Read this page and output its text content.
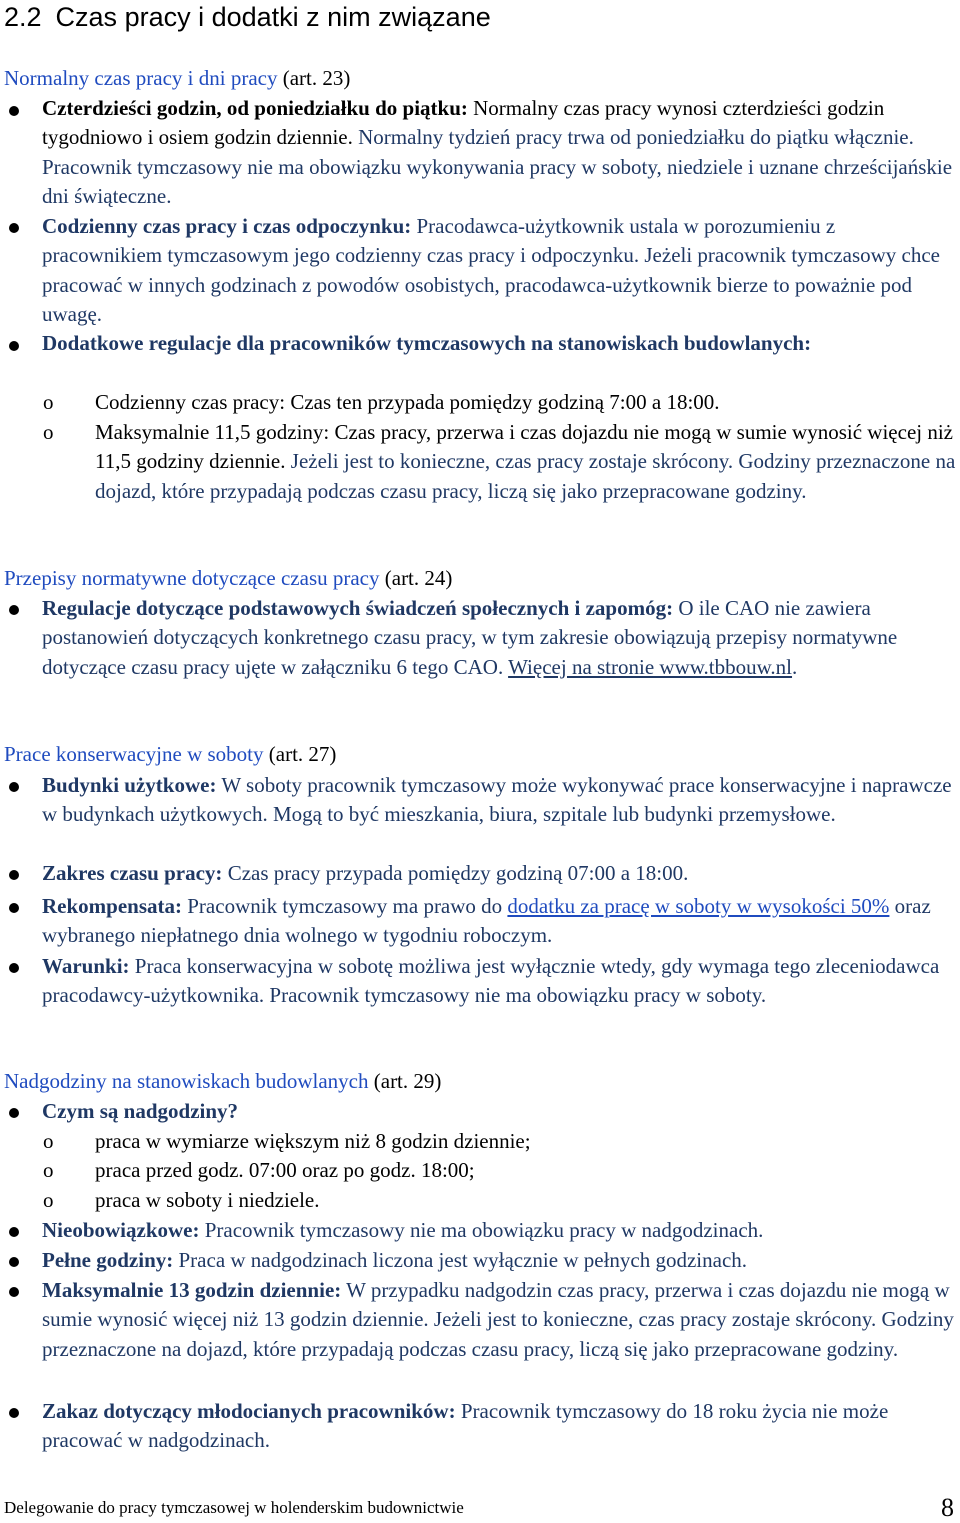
2.2 Czas pracy i dodatki z nim związane

Normalny czas pracy i dni pracy (art. 23)

Czterdzieści godzin, od poniedziałku do piątku: Normalny czas pracy wynosi czterdzieści godzin tygodniowo i osiem godzin dziennie. Normalny tydzień pracy trwa od poniedziałku do piątku włącznie. Pracownik tymczasowy nie ma obowiązku wykonywania pracy w soboty, niedziele i uznane chrześcijańskie dni świąteczne.
Codzienny czas pracy i czas odpoczynku: Pracodawca-użytkownik ustala w porozumieniu z pracownikiem tymczasowym jego codzienny czas pracy i odpoczynku. Jeżeli pracownik tymczasowy chce pracować w innych godzinach z powodów osobistych, pracodawca-użytkownik bierze to poważnie pod uwagę.
Dodatkowe regulacje dla pracowników tymczasowych na stanowiskach budowlanych:
o Codzienny czas pracy: Czas ten przypada pomiędzy godziną 7:00 a 18:00.
o Maksymalnie 11,5 godziny: Czas pracy, przerwa i czas dojazdu nie mogą w sumie wynosić więcej niż 11,5 godziny dziennie. Jeżeli jest to konieczne, czas pracy zostaje skrócony. Godziny przeznaczone na dojazd, które przypadają podczas czasu pracy, liczą się jako przepracowane godziny.

Przepisy normatywne dotyczące czasu pracy (art. 24)

Regulacje dotyczące podstawowych świadczeń społecznych i zapomóg: O ile CAO nie zawiera postanowień dotyczących konkretnego czasu pracy, w tym zakresie obowiązują przepisy normatywne dotyczące czasu pracy ujęte w załączniku 6 tego CAO. Więcej na stronie www.tbbouw.nl.

Prace konserwacyjne w soboty (art. 27)

Budynki użytkowe: W soboty pracownik tymczasowy może wykonywać prace konserwacyjne i naprawcze w budynkach użytkowych. Mogą to być mieszkania, biura, szpitale lub budynki przemysłowe.
Zakres czasu pracy: Czas pracy przypada pomiędzy godziną 07:00 a 18:00.
Rekompensata: Pracownik tymczasowy ma prawo do dodatku za pracę w soboty w wysokości 50% oraz wybranego niepłatnego dnia wolnego w tygodniu roboczym.
Warunki: Praca konserwacyjna w sobotę możliwa jest wyłącznie wtedy, gdy wymaga tego zleceniodawca pracodawcy-użytkownika. Pracownik tymczasowy nie ma obowiązku pracy w soboty.

Nadgodziny na stanowiskach budowlanych (art. 29)

Czym są nadgodziny?
o praca w wymiarze większym niż 8 godzin dziennie;
o praca przed godz. 07:00 oraz po godz. 18:00;
o praca w soboty i niedziele.
Nieobowiązkowe: Pracownik tymczasowy nie ma obowiązku pracy w nadgodzinach.
Pełne godziny: Praca w nadgodzinach liczona jest wyłącznie w pełnych godzinach.
Maksymalnie 13 godzin dziennie: W przypadku nadgodzin czas pracy, przerwa i czas dojazdu nie mogą w sumie wynosić więcej niż 13 godzin dziennie. Jeżeli jest to konieczne, czas pracy zostaje skrócony. Godziny przeznaczone na dojazd, które przypadają podczas czasu pracy, liczą się jako przepracowane godziny.
Zakaz dotyczący młodocianych pracowników: Pracownik tymczasowy do 18 roku życia nie może pracować w nadgodzinach.
Delegowanie do pracy tymczasowej w holenderskim budownictwie	8
